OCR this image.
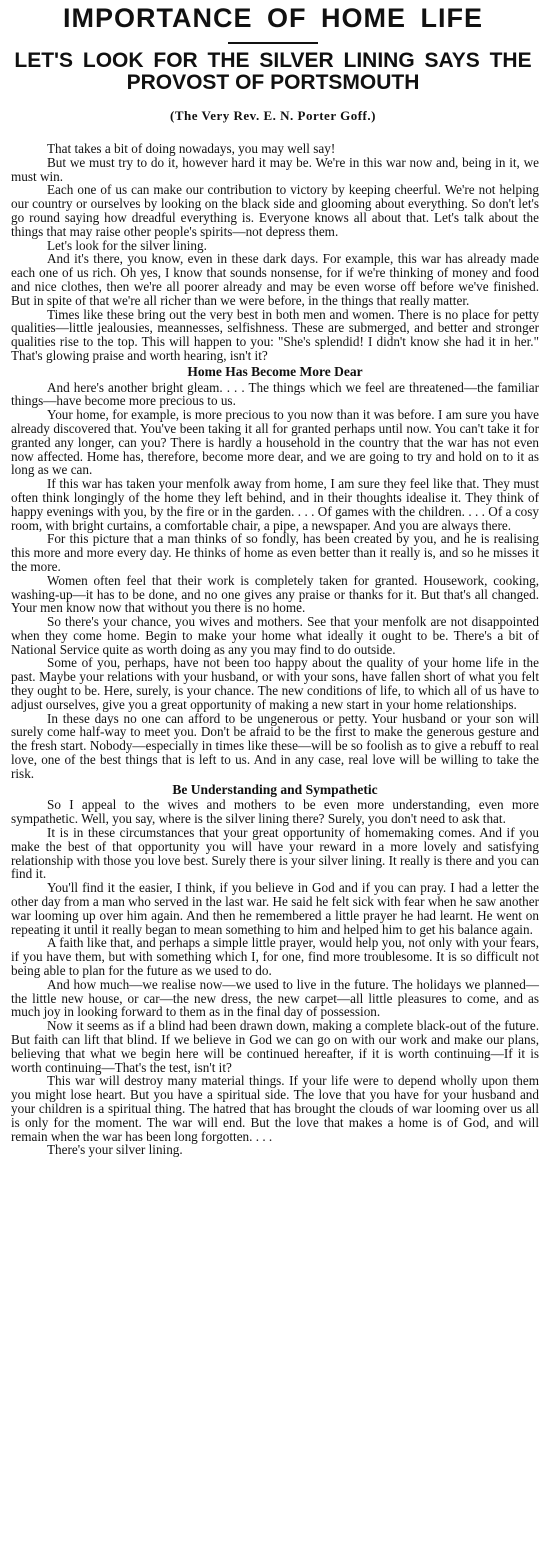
IMPORTANCE OF HOME LIFE
LET'S LOOK FOR THE SILVER LINING SAYS THE
PROVOST OF PORTSMOUTH
(The Very Rev. E. N. Porter Goff.)

That takes a bit of doing nowadays, you may well say!

But we must try to do it, however hard it may be. We're in this war now and, being in it, we must win.

Each one of us can make our contribution to victory by keeping cheerful. We're not helping our country or ourselves by looking on the black side and glooming about everything. So don't let's go round saying how dreadful everything is. Everyone knows all about that. Let's talk about the things that may raise other people's spirits—not depress them.

Let's look for the silver lining.

And it's there, you know, even in these dark days. For example, this war has already made each one of us rich. Oh yes, I know that sounds nonsense, for if we're thinking of money and food and nice clothes, then we're all poorer already and may be even worse off before we've finished. But in spite of that we're all richer than we were before, in the things that really matter.

Times like these bring out the very best in both men and women. There is no place for petty qualities—little jealousies, meannesses, selfishness. These are submerged, and better and stronger qualities rise to the top. This will happen to you: "She's splendid! I didn't know she had it in her." That's glowing praise and worth hearing, isn't it?

Home Has Become More Dear

And here's another bright gleam. . . . The things which we feel are threatened—the familiar things—have become more precious to us.

Your home, for example, is more precious to you now than it was before. I am sure you have already discovered that. You've been taking it all for granted perhaps until now. You can't take it for granted any longer, can you? There is hardly a household in the country that the war has not even now affected. Home has, therefore, become more dear, and we are going to try and hold on to it as long as we can.

If this war has taken your menfolk away from home, I am sure they feel like that. They must often think longingly of the home they left behind, and in their thoughts idealise it. They think of happy evenings with you, by the fire or in the garden. . . . Of games with the children. . . . Of a cosy room, with bright curtains, a comfortable chair, a pipe, a newspaper. And you are always there.

For this picture that a man thinks of so fondly, has been created by you, and he is realising this more and more every day. He thinks of home as even better than it really is, and so he misses it the more.

Women often feel that their work is completely taken for granted. Housework, cooking, washing-up—it has to be done, and no one gives any praise or thanks for it. But that's all changed. Your men know now that without you there is no home.

So there's your chance, you wives and mothers. See that your menfolk are not disappointed when they come home. Begin to make your home what ideally it ought to be. There's a bit of National Service quite as worth doing as any you may find to do outside.

Some of you, perhaps, have not been too happy about the quality of your home life in the past. Maybe your relations with your husband, or with your sons, have fallen short of what you felt they ought to be. Here, surely, is your chance. The new conditions of life, to which all of us have to adjust ourselves, give you a great opportunity of making a new start in your home relationships.

In these days no one can afford to be ungenerous or petty. Your husband or your son will surely come half-way to meet you. Don't be afraid to be the first to make the generous gesture and the fresh start. Nobody—especially in times like these—will be so foolish as to give a rebuff to real love, one of the best things that is left to us. And in any case, real love will be willing to take the risk.

Be Understanding and Sympathetic

So I appeal to the wives and mothers to be even more understanding, even more sympathetic. Well, you say, where is the silver lining there? Surely, you don't need to ask that.

It is in these circumstances that your great opportunity of homemaking comes. And if you make the best of that opportunity you will have your reward in a more lovely and satisfying relationship with those you love best. Surely there is your silver lining. It really is there and you can find it.

You'll find it the easier, I think, if you believe in God and if you can pray. I had a letter the other day from a man who served in the last war. He said he felt sick with fear when he saw another war looming up over him again. And then he remembered a little prayer he had learnt. He went on repeating it until it really began to mean something to him and helped him to get his balance again.

A faith like that, and perhaps a simple little prayer, would help you, not only with your fears, if you have them, but with something which I, for one, find more troublesome. It is so difficult not being able to plan for the future as we used to do.

And how much—we realise now—we used to live in the future. The holidays we planned—the little new house, or car—the new dress, the new carpet—all little pleasures to come, and as much joy in looking forward to them as in the final day of possession.

Now it seems as if a blind had been drawn down, making a complete black-out of the future. But faith can lift that blind. If we believe in God we can go on with our work and make our plans, believing that what we begin here will be continued hereafter, if it is worth continuing—If it is worth continuing—That's the test, isn't it?

This war will destroy many material things. If your life were to depend wholly upon them you might lose heart. But you have a spiritual side. The love that you have for your husband and your children is a spiritual thing. The hatred that has brought the clouds of war looming over us all is only for the moment. The war will end. But the love that makes a home is of God, and will remain when the war has been long forgotten. . . .

There's your silver lining.
